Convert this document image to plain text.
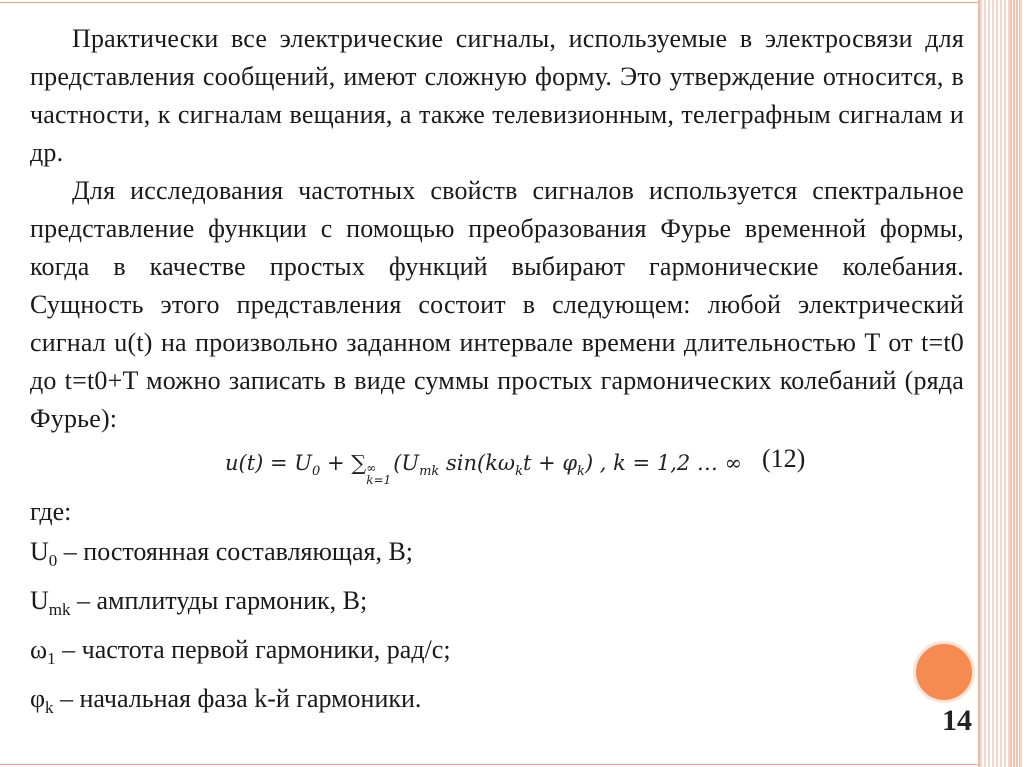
Практически все электрические сигналы, используемые в электросвязи для представления сообщений, имеют сложную форму. Это утверждение относится, в частности, к сигналам вещания, а также телевизионным, телеграфным сигналам и др.

Для исследования частотных свойств сигналов используется спектральное представление функции с помощью преобразования Фурье временной формы, когда в качестве простых функций выбирают гармонические колебания. Сущность этого представления состоит в следующем: любой электрический сигнал u(t) на произвольно заданном интервале времени длительностью T от t=t0 до t=t0+T можно записать в виде суммы простых гармонических колебаний (ряда Фурье):

$u(t) = U_0$ + ∑ ∞
k=1
($U_{mk}$ $\sin(k\omega_kt + \varphi_k)$ , k = 1,2 … ∞ (12)
где:
$U_0$ – постоянная составляющая, В;
$U_{mk}$ – амплитуды гармоник, В;
$\omega_1$ – частота первой гармоники, рад/с;
$\varphi_k$ – начальная фаза k-й гармоники.
14
